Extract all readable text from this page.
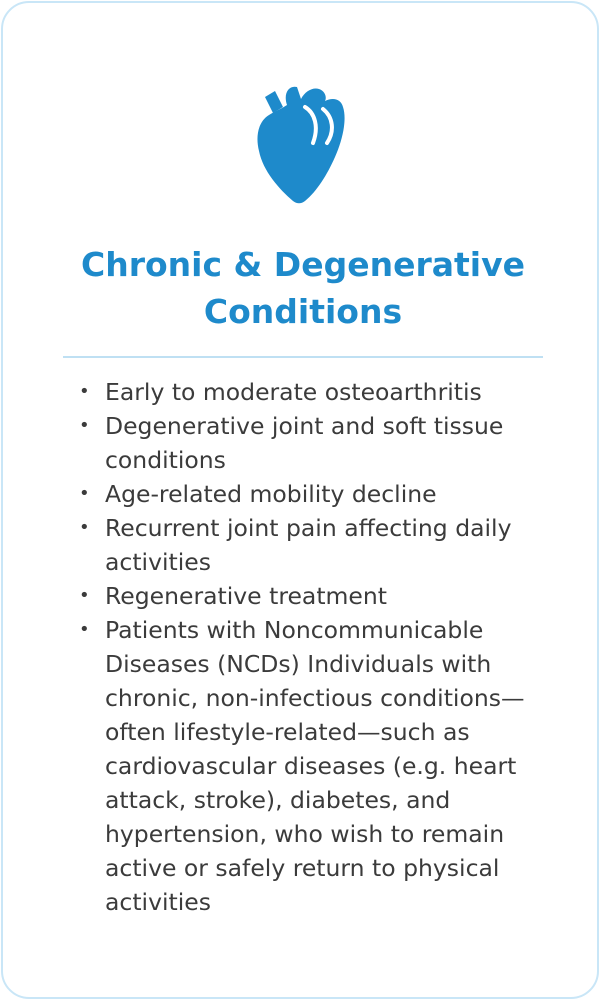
Chronic & Degenerative
Conditions
• Early to moderate osteoarthritis
• Degenerative joint and soft tissue conditions
• Age-related mobility decline
• Recurrent joint pain affecting daily activities
• Regenerative treatment
• Patients with Noncommunicable Diseases (NCDs) Individuals with chronic, non-infectious conditions—often lifestyle-related—such as cardiovascular diseases (e.g. heart attack, stroke), diabetes, and hypertension, who wish to remain active or safely return to physical activities
